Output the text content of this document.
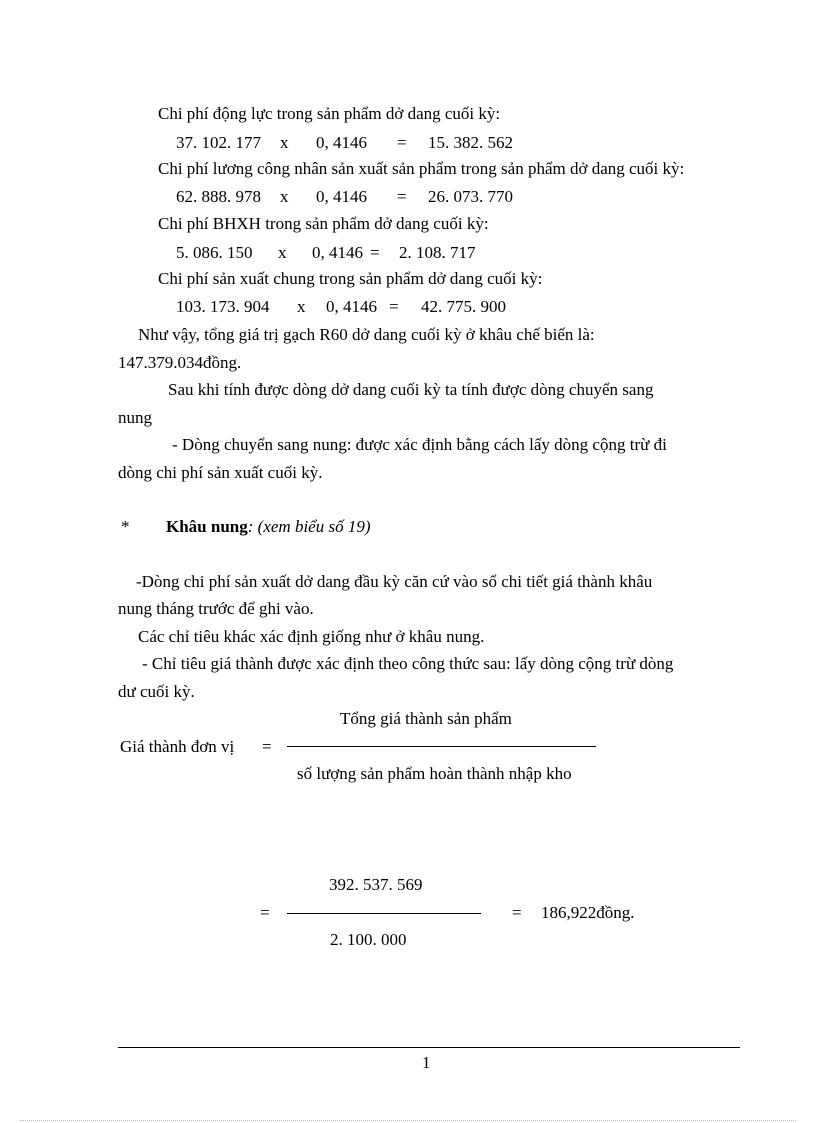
Chi phí động lực trong sản phẩm dở dang cuối kỳ:
37. 102. 177 x 0, 4146 = 15. 382. 562
Chi phí lương công nhân sản xuất sản phẩm trong sản phẩm dở dang cuối kỳ:
62. 888. 978 x 0, 4146 = 26. 073. 770
Chi phí BHXH trong sản phẩm dở dang cuối kỳ:
5. 086. 150 x 0, 4146 = 2. 108. 717
Chi phí sản xuất chung trong sản phẩm dở dang cuối kỳ:
103. 173. 904 x 0, 4146 = 42. 775. 900
Như vậy, tổng giá trị gạch R60 dở dang cuối kỳ ở khâu chế biến là:
147.379.034đồng.
Sau khi tính được dòng dở dang cuối kỳ ta tính được dòng chuyển sang
nung
- Dòng chuyển sang nung: được xác định bằng cách lấy dòng cộng trừ đi
dòng chi phí sản xuất cuối kỳ.
* Khâu nung: (xem biểu số 19)
-Dòng chi phí sản xuất dở dang đầu kỳ căn cứ vào sổ chi tiết giá thành khâu
nung tháng trước để ghi vào.
Các chỉ tiêu khác xác định giống như ở khâu nung.
- Chỉ tiêu giá thành được xác định theo công thức sau: lấy dòng cộng trừ dòng
dư cuối kỳ.
Tổng giá thành sản phẩm
Giá thành đơn vị =
số lượng sản phẩm hoàn thành nhập kho
392. 537. 569
=	= 186,922đồng.
2. 100. 000
1
